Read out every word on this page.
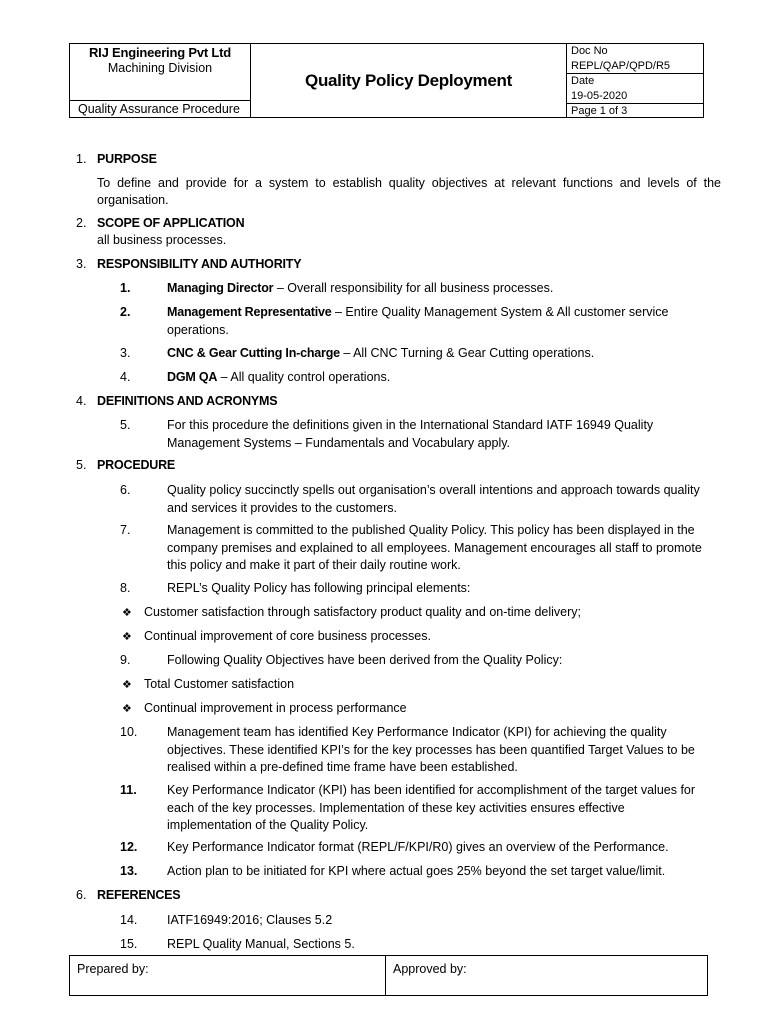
RIJ Engineering Pvt Ltd
Machining Division
Quality Assurance Procedure
Quality Policy Deployment
Doc No
REPL/QAP/QPD/R5
Date
19-05-2020
Page 1 of 3
1. PURPOSE
To define and provide for a system to establish quality objectives at relevant functions and levels of the organisation.
2. SCOPE OF APPLICATION
all business processes.
3. RESPONSIBILITY AND AUTHORITY
1.	Managing Director – Overall responsibility for all business processes.
2.	Management Representative – Entire Quality Management System & All customer service operations.
3.	CNC & Gear Cutting In-charge – All CNC Turning & Gear Cutting operations.
4.	DGM QA – All quality control operations.
4. DEFINITIONS AND ACRONYMS
5.	For this procedure the definitions given in the International Standard IATF 16949 Quality Management Systems – Fundamentals and Vocabulary apply.
5. PROCEDURE
6.	Quality policy succinctly spells out organisation’s overall intentions and approach towards quality and services it provides to the customers.
7.	Management is committed to the published Quality Policy. This policy has been displayed in the company premises and explained to all employees. Management encourages all staff to promote this policy and make it part of their daily routine work.
8.	REPL’s Quality Policy has following principal elements:
❖ Customer satisfaction through satisfactory product quality and on-time delivery;
❖ Continual improvement of core business processes.
9.	Following Quality Objectives have been derived from the Quality Policy:
❖ Total Customer satisfaction
❖ Continual improvement in process performance
10. Management team has identified Key Performance Indicator (KPI) for achieving the quality objectives. These identified KPI’s for the key processes has been quantified Target Values to be realised within a pre-defined time frame have been established.
11. Key Performance Indicator (KPI) has been identified for accomplishment of the target values for each of the key processes. Implementation of these key activities ensures effective implementation of the Quality Policy.
12. Key Performance Indicator format (REPL/F/KPI/R0) gives an overview of the Performance.
13. Action plan to be initiated for KPI where actual goes 25% beyond the set target value/limit.
6. REFERENCES
14. IATF16949:2016; Clauses 5.2
15. REPL Quality Manual, Sections 5.
Prepared by:	Approved by:
